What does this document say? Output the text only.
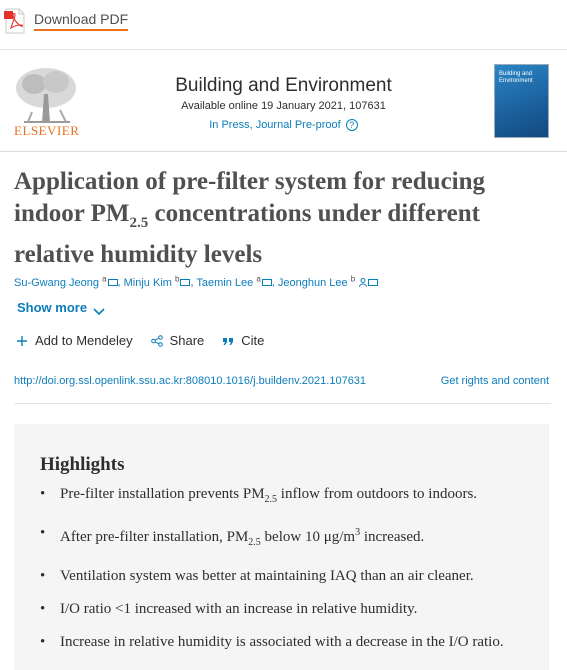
Download PDF
ELSEVIER
Building and Environment
Available online 19 January 2021, 107631
In Press, Journal Pre-proof ?
Building and Environment
Application of pre-filter system for reducing indoor $PM_{2.5}$ concentrations under different relative humidity levels
Su-Gwang Jeong $^a$ , Minju Kim $^b$ , Taemin Lee $^a$ , Jeonghun Lee $^b$
Show more
Add to Mendeley	Share	Cite
http://doi.org.ssl.openlink.ssu.ac.kr:808010.1016/j.buildenv.2021.107631	Get rights and content
Highlights
• Pre-filter installation prevents $PM_{2.5}$ inflow from outdoors to indoors.
• After pre-filter installation, $PM_{2.5}$ below 10 $\mu g/m^3$ increased.
• Ventilation system was better at maintaining IAQ than an air cleaner.
• I/O ratio <1 increased with an increase in relative humidity.
• Increase in relative humidity is associated with a decrease in the I/O ratio.
